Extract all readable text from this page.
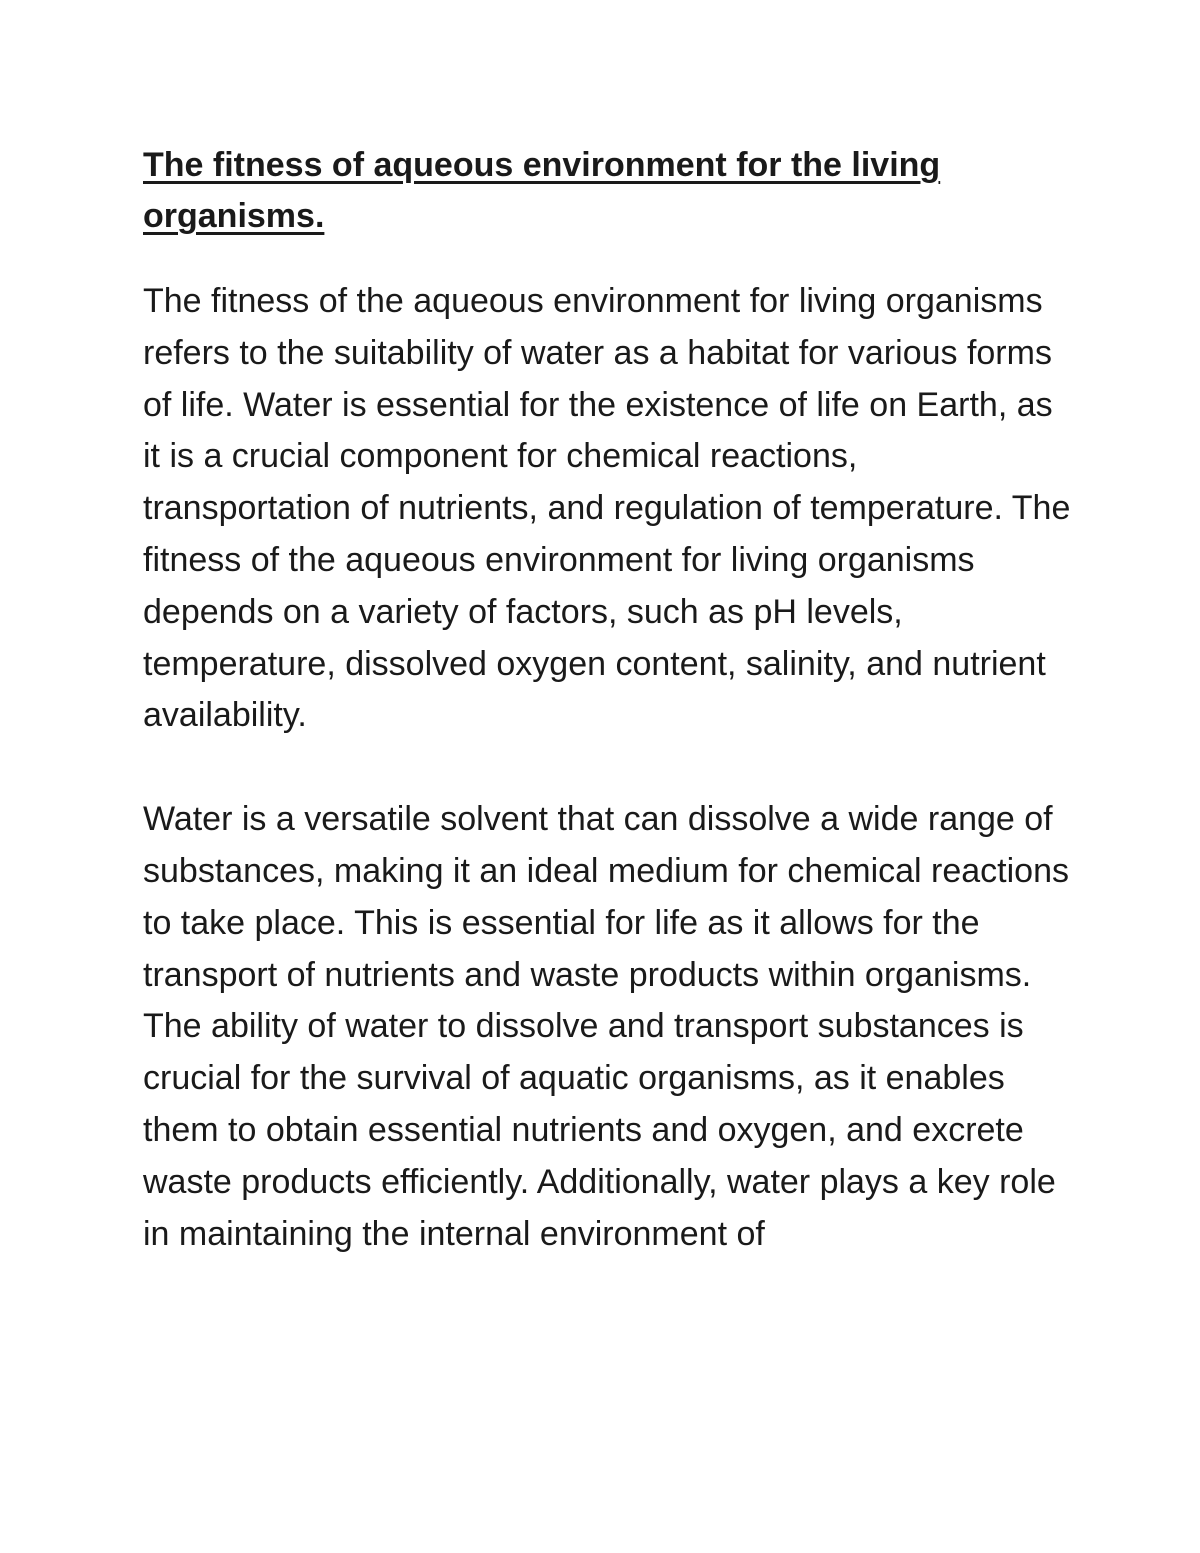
The fitness of aqueous environment for the living organisms.

The fitness of the aqueous environment for living organisms refers to the suitability of water as a habitat for various forms of life. Water is essential for the existence of life on Earth, as it is a crucial component for chemical reactions, transportation of nutrients, and regulation of temperature. The fitness of the aqueous environment for living organisms depends on a variety of factors, such as pH levels, temperature, dissolved oxygen content, salinity, and nutrient availability.

Water is a versatile solvent that can dissolve a wide range of substances, making it an ideal medium for chemical reactions to take place. This is essential for life as it allows for the transport of nutrients and waste products within organisms. The ability of water to dissolve and transport substances is crucial for the survival of aquatic organisms, as it enables them to obtain essential nutrients and oxygen, and excrete waste products efficiently. Additionally, water plays a key role in maintaining the internal environment of
